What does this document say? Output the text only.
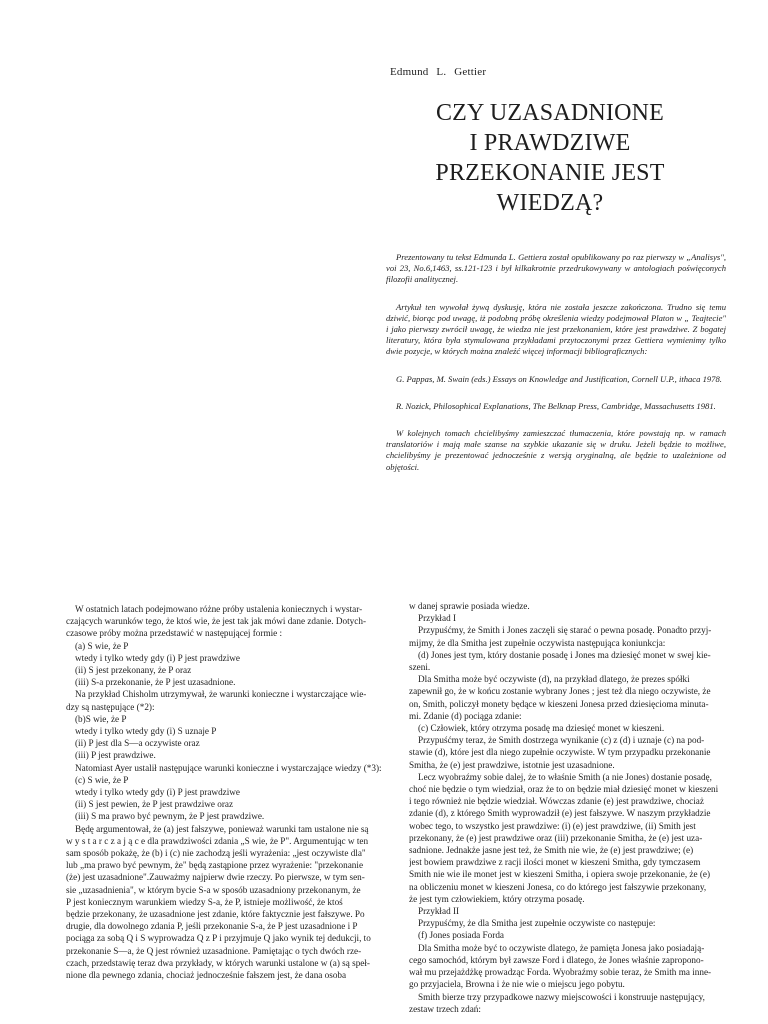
Edmund L. Gettier
CZY UZASADNIONE
I PRAWDZIWE
PRZEKONANIE JEST
WIEDZĄ?

Prezentowany tu tekst Edmunda L. Gettiera został opublikowany po raz pierwszy w „Analisys", voi 23, No.6,1463, ss.121-123 i był kilkakrotnie przedrukowywany w antologiach poświęconych filozofii analitycznej.

Artykuł ten wywołał żywą dyskusję, która nie została jeszcze zakończona. Trudno się temu dziwić, biorąc pod uwagę, iż podobną próbę określenia wiedzy podejmował Platon w „ Teajtecie" i jako pierwszy zwrócił uwagę, że wiedza nie jest przekonaniem, które jest prawdziwe. Z bogatej literatury, która była stymulowana przykładami przytoczonymi przez Gettiera wymienimy tylko dwie pozycje, w których można znaleźć więcej informacji bibliograficznych:

G. Pappas, M. Swain (eds.) Essays on Knowledge and Justification, Cornell U.P., ithaca 1978.

R. Nozick, Philosophical Explanations, The Belknap Press, Cambridge, Massachusetts 1981.

W kolejnych tomach chcielibyśmy zamieszczać tłumaczenia, które powstają np. w ramach translatoriów i mają małe szanse na szybkie ukazanie się w druku. Jeżeli będzie to możliwe, chcielibyśmy je prezentować jednocześnie z wersją oryginalną, ale będzie to uzależnione od objętości.

W ostatnich latach podejmowano różne próby ustalenia koniecznych i wystar-
czających warunków tego, że ktoś wie, że jest tak jak mówi dane zdanie. Dotych-
czasowe próby można przedstawić w następującej formie :
(a) S wie, że P
wtedy i tylko wtedy gdy (i) P jest prawdziwe
(ii) S jest przekonany, że P oraz
(iii) S-a przekonanie, że P jest uzasadnione.
Na przykład Chisholm utrzymywał, że warunki konieczne i wystarczające wie-
dzy są następujące (*2):
(b)S wie, że P
wtedy i tylko wtedy gdy (i) S uznaje P
(ii) P jest dla S—a oczywiste oraz
(iii) P jest prawdziwe.
Natomiast Ayer ustalił następujące warunki konieczne i wystarczające wiedzy (*3):
(c) S wie, że P
wtedy i tylko wtedy gdy (i) P jest prawdziwe
(ii) S jest pewien, że P jest prawdziwe oraz
(iii) S ma prawo być pewnym, że P jest prawdziwe.
Będę argumentował, że (a) jest fałszywe, ponieważ warunki tam ustalone nie są
w y s t a r c z a j ą c e dla prawdziwości zdania „S wie, że P". Argumentując w ten
sam sposób pokażę, że (b) i (c) nie zachodzą jeśli wyrażenia: „jest oczywiste dla"
lub „ma prawo być pewnym, że" będą zastąpione przez wyrażenie: "przekonanie
(że) jest uzasadnione".Zauważmy najpierw dwie rzeczy. Po pierwsze, w tym sen-
sie „uzasadnienia", w którym bycie S-a w sposób uzasadniony przekonanym, że
P jest koniecznym warunkiem wiedzy S-a, że P, istnieje możliwość, że ktoś
będzie przekonany, że uzasadnione jest zdanie, które faktycznie jest fałszywe. Po
drugie, dla dowolnego zdania P, jeśli przekonanie S-a, że P jest uzasadnione i P
pociąga za sobą Q i S wyprowadza Q z P i przyjmuje Q jako wynik tej dedukcji, to
przekonanie S—a, że Q jest również uzasadnione. Pamiętając o tych dwóch rze-
czach, przedstawię teraz dwa przykłady, w których warunki ustalone w (a) są speł-
nione dla pewnego zdania, chociaż jednocześnie fałszem jest, że dana osoba
w danej sprawie posiada wiedze.
Przykład I
Przypuśćmy, że Smith i Jones zaczęli się starać o pewna posadę. Ponadto przyj-
mijmy, że dla Smitha jest zupełnie oczywista następująca koniunkcja:
(d) Jones jest tym, który dostanie posadę i Jones ma dziesięć monet w swej kie-
szeni.
Dla Smitha może być oczywiste (d), na przykład dlatego, że prezes spółki
zapewnił go, że w końcu zostanie wybrany Jones ; jest też dla niego oczywiste, że
on, Smith, policzył monety będące w kieszeni Jonesa przed dziesięcioma minuta-
mi. Zdanie (d) pociąga zdanie:
(c) Człowiek, który otrzyma posadę ma dziesięć monet w kieszeni.
Przypuśćmy teraz, że Smith dostrzega wynikanie (c) z (d) i uznaje (c) na pod-
stawie (d), które jest dla niego zupełnie oczywiste. W tym przypadku przekonanie
Smitha, że (e) jest prawdziwe, istotnie jest uzasadnione.
Lecz wyobraźmy sobie dalej, że to właśnie Smith (a nie Jones) dostanie posadę,
choć nie będzie o tym wiedział, oraz że to on będzie miał dziesięć monet w kieszeni
i tego również nie będzie wiedział. Wówczas zdanie (e) jest prawdziwe, chociaż
zdanie (d), z którego Smith wyprowadził (e) jest fałszywe. W naszym przykładzie
wobec tego, to wszystko jest prawdziwe: (i) (e) jest prawdziwe, (ii) Smith jest
przekonany, że (e) jest prawdziwe oraz (iii) przekonanie Smitha, że (e) jest uza-
sadnione. Jednakże jasne jest też, że Smith nie wie, że (e) jest prawdziwe; (e)
jest bowiem prawdziwe z racji ilości monet w kieszeni Smitha, gdy tymczasem
Smith nie wie ile monet jest w kieszeni Smitha, i opiera swoje przekonanie, że (e)
na obliczeniu monet w kieszeni Jonesa, co do którego jest fałszywie przekonany,
że jest tym człowiekiem, który otrzyma posadę.
Przykład II
Przypuśćmy, że dla Smitha jest zupełnie oczywiste co następuje:
(f) Jones posiada Forda
Dla Smitha może być to oczywiste dlatego, że pamięta Jonesa jako posiadają-
cego samochód, którym był zawsze Ford i dlatego, że Jones właśnie zapropono-
wał mu przejażdżkę prowadząc Forda. Wyobraźmy sobie teraz, że Smith ma inne-
go przyjaciela, Browna i że nie wie o miejscu jego pobytu.
Smith bierze trzy przypadkowe nazwy miejscowości i konstruuje następujący,
zestaw trzech zdań:
